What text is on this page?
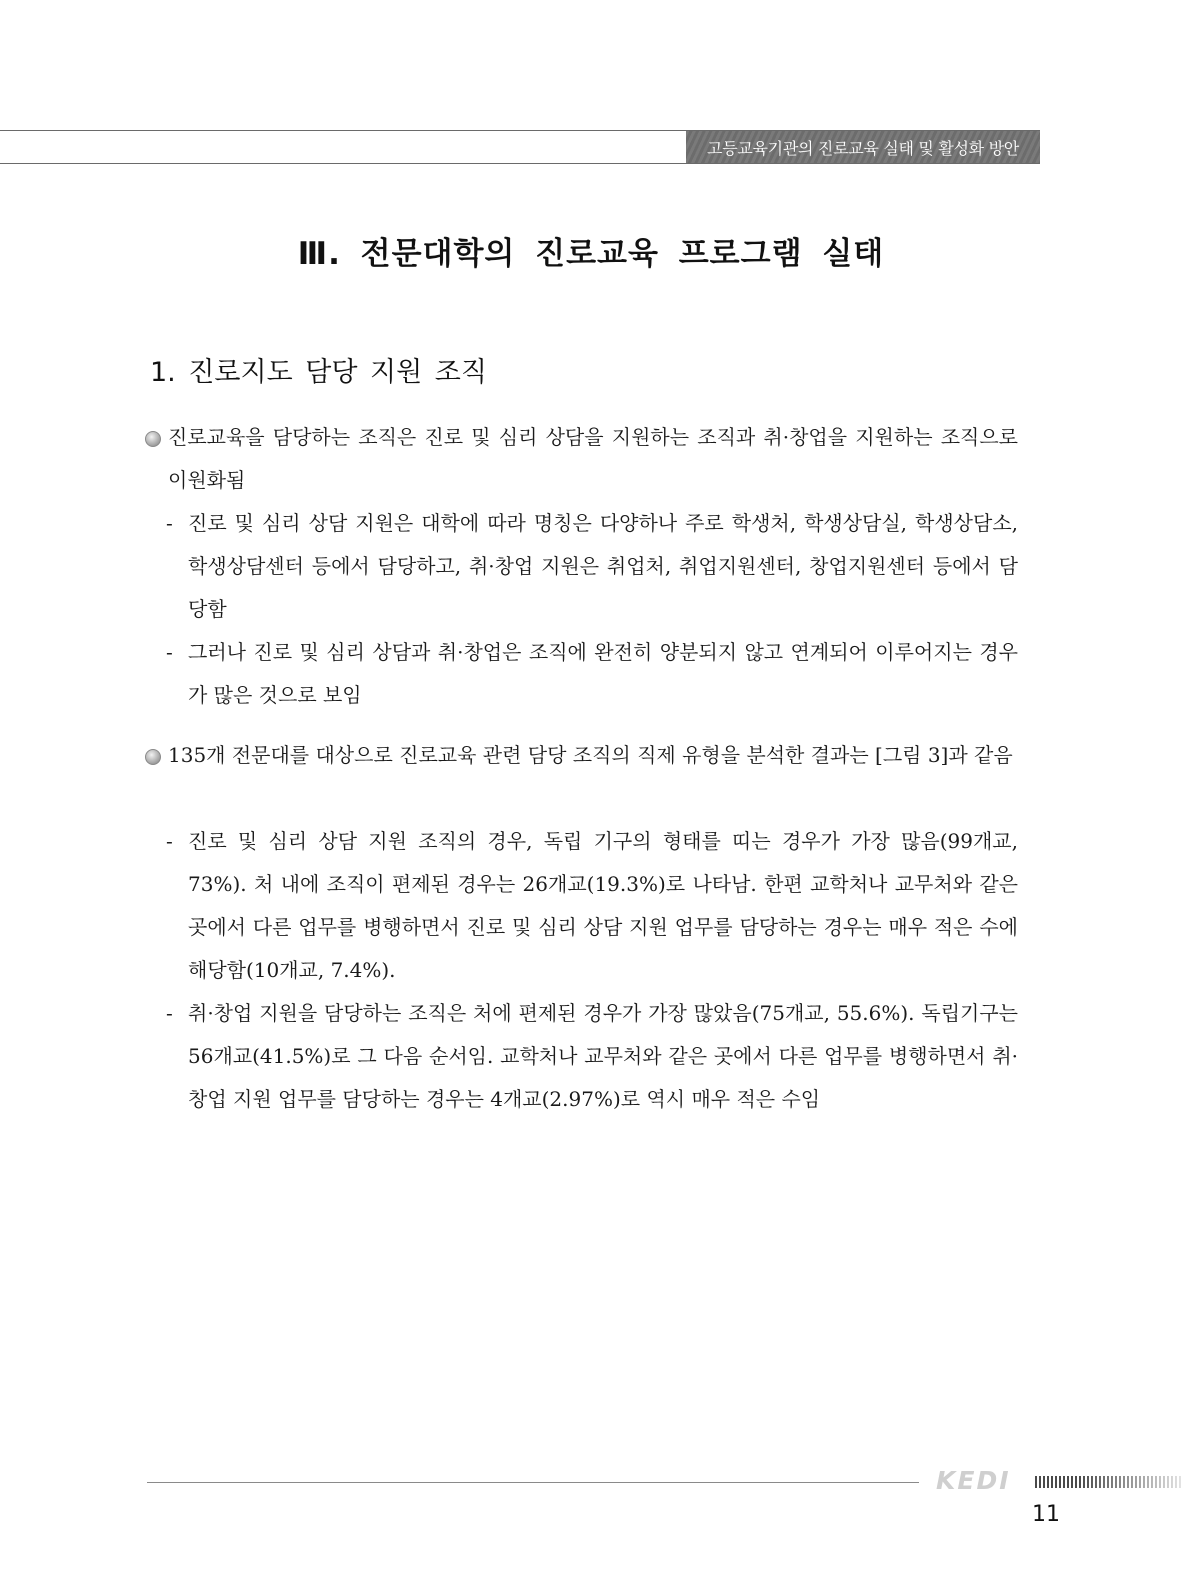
고등교육기관의 진로교육 실태 및 활성화 방안
Ⅲ. 전문대학의 진로교육 프로그램 실태
1. 진로지도 담당 지원 조직
진로교육을 담당하는 조직은 진로 및 심리 상담을 지원하는 조직과 취·창업을 지원하는 조직으로 이원화됨
- 진로 및 심리 상담 지원은 대학에 따라 명칭은 다양하나 주로 학생처, 학생상담실, 학생상담소, 학생상담센터 등에서 담당하고, 취·창업 지원은 취업처, 취업지원센터, 창업지원센터 등에서 담당함
- 그러나 진로 및 심리 상담과 취·창업은 조직에 완전히 양분되지 않고 연계되어 이루어지는 경우가 많은 것으로 보임
135개 전문대를 대상으로 진로교육 관련 담당 조직의 직제 유형을 분석한 결과는 [그림 3]과 같음
- 진로 및 심리 상담 지원 조직의 경우, 독립 기구의 형태를 띠는 경우가 가장 많음(99개교, 73%). 처 내에 조직이 편제된 경우는 26개교(19.3%)로 나타남. 한편 교학처나 교무처와 같은 곳에서 다른 업무를 병행하면서 진로 및 심리 상담 지원 업무를 담당하는 경우는 매우 적은 수에 해당함(10개교, 7.4%).
- 취·창업 지원을 담당하는 조직은 처에 편제된 경우가 가장 많았음(75개교, 55.6%). 독립기구는 56개교(41.5%)로 그 다음 순서임. 교학처나 교무처와 같은 곳에서 다른 업무를 병행하면서 취·창업 지원 업무를 담당하는 경우는 4개교(2.97%)로 역시 매우 적은 수임
KEDI
11
